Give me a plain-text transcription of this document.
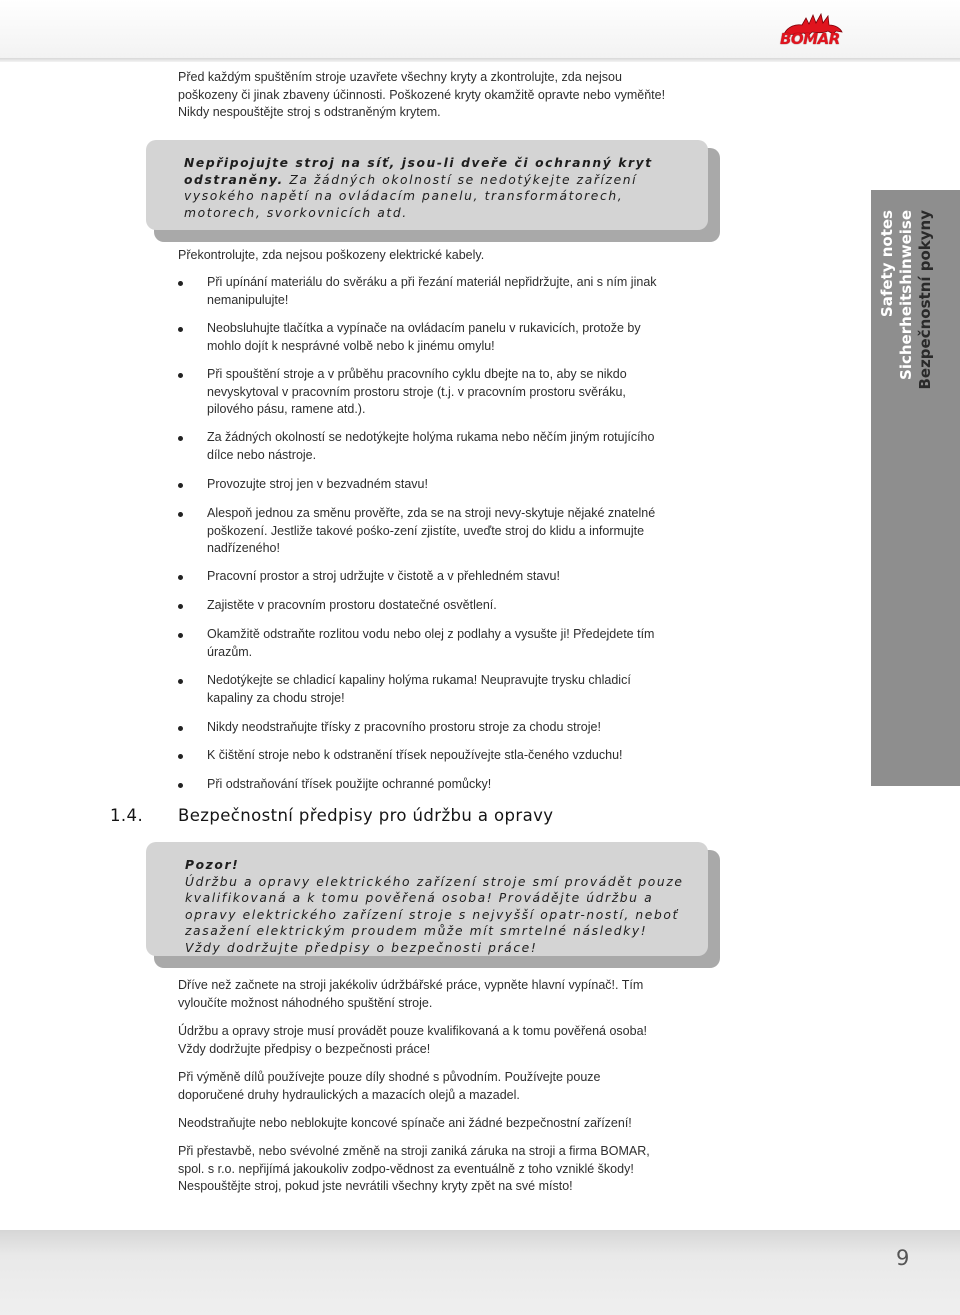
BOMAR
Před každým spuštěním stroje uzavřete všechny kryty a zkontrolujte, zda nejsou
poškozeny či jinak zbaveny účinnosti. Poškozené kryty okamžitě opravte nebo vyměňte!
Nikdy nespouštějte stroj s odstraněným krytem.
Nepřipojujte stroj na síť, jsou-li dveře či ochranný kryt
odstraněny. Za žádných okolností se nedotýkejte zařízení
vysokého napětí na ovládacím panelu, transformátorech,
motorech, svorkovnicích atd.
Překontrolujte, zda nejsou poškozeny elektrické kabely.
Při upínání materiálu do svěráku a při řezání materiál nepřidržujte, ani s ním jinak
nemanipulujte!
Neobsluhujte tlačítka a vypínače na ovládacím panelu v rukavicích, protože by
mohlo dojít k nesprávné volbě nebo k jinému omylu!
Při spouštění stroje a v průběhu pracovního cyklu dbejte na to, aby se nikdo
nevyskytoval v pracovním prostoru stroje (t.j. v pracovním prostoru svěráku,
pilového pásu, ramene atd.).
Za žádných okolností se nedotýkejte holýma rukama nebo něčím jiným rotujícího
dílce nebo nástroje.
Provozujte stroj jen v bezvadném stavu!
Alespoň jednou za směnu prověřte, zda se na stroji nevy-skytuje nějaké znatelné
poškození. Jestliže takové pośko-zení zjistíte, uveďte stroj do klidu a informujte
nadřízeného!
Pracovní prostor a stroj udržujte v čistotě a v přehledném stavu!
Zajistěte v pracovním prostoru dostatečné osvětlení.
Okamžitě odstraňte rozlitou vodu nebo olej z podlahy a vysušte ji! Předejdete tím
úrazům.
Nedotýkejte se chladicí kapaliny holýma rukama! Neupravujte trysku chladicí
kapaliny za chodu stroje!
Nikdy neodstraňujte třísky z pracovního prostoru stroje za chodu stroje!
K čištění stroje nebo k odstranění třísek nepoužívejte stla-čeného vzduchu!
Při odstraňování třísek použijte ochranné pomůcky!
Safety notes Sicherheitshinweise Bezpečnostní pokyny
1.4. Bezpečnostní předpisy pro údržbu a opravy
Pozor!
Údržbu a opravy elektrického zařízení stroje smí provádět pouze
kvalifikovaná a k tomu pověřená osoba! Provádějte údržbu a
opravy elektrického zařízení stroje s nejvyšší opatr-ností, neboť
zasažení elektrickým proudem může mít smrtelné následky!
Vždy dodržujte předpisy o bezpečnosti práce!
Dříve než začnete na stroji jakékoliv údržbářské práce, vypněte hlavní vypínač!. Tím
vyloučíte možnost náhodného spuštění stroje.
Údržbu a opravy stroje musí provádět pouze kvalifikovaná a k tomu pověřená osoba!
Vždy dodržujte předpisy o bezpečnosti práce!
Při výměně dílů používejte pouze díly shodné s původním. Používejte pouze
doporučené druhy hydraulických a mazacích olejů a mazadel.
Neodstraňujte nebo neblokujte koncové spínače ani žádné bezpečnostní zařízení!
Při přestavbě, nebo svévolné změně na stroji zaniká záruka na stroji a firma BOMAR,
spol. s r.o. nepřijímá jakoukoliv zodpo-vědnost za eventuálně z toho vzniklé škody!
Nespouštějte stroj, pokud jste nevrátili všechny kryty zpět na své místo!
9
